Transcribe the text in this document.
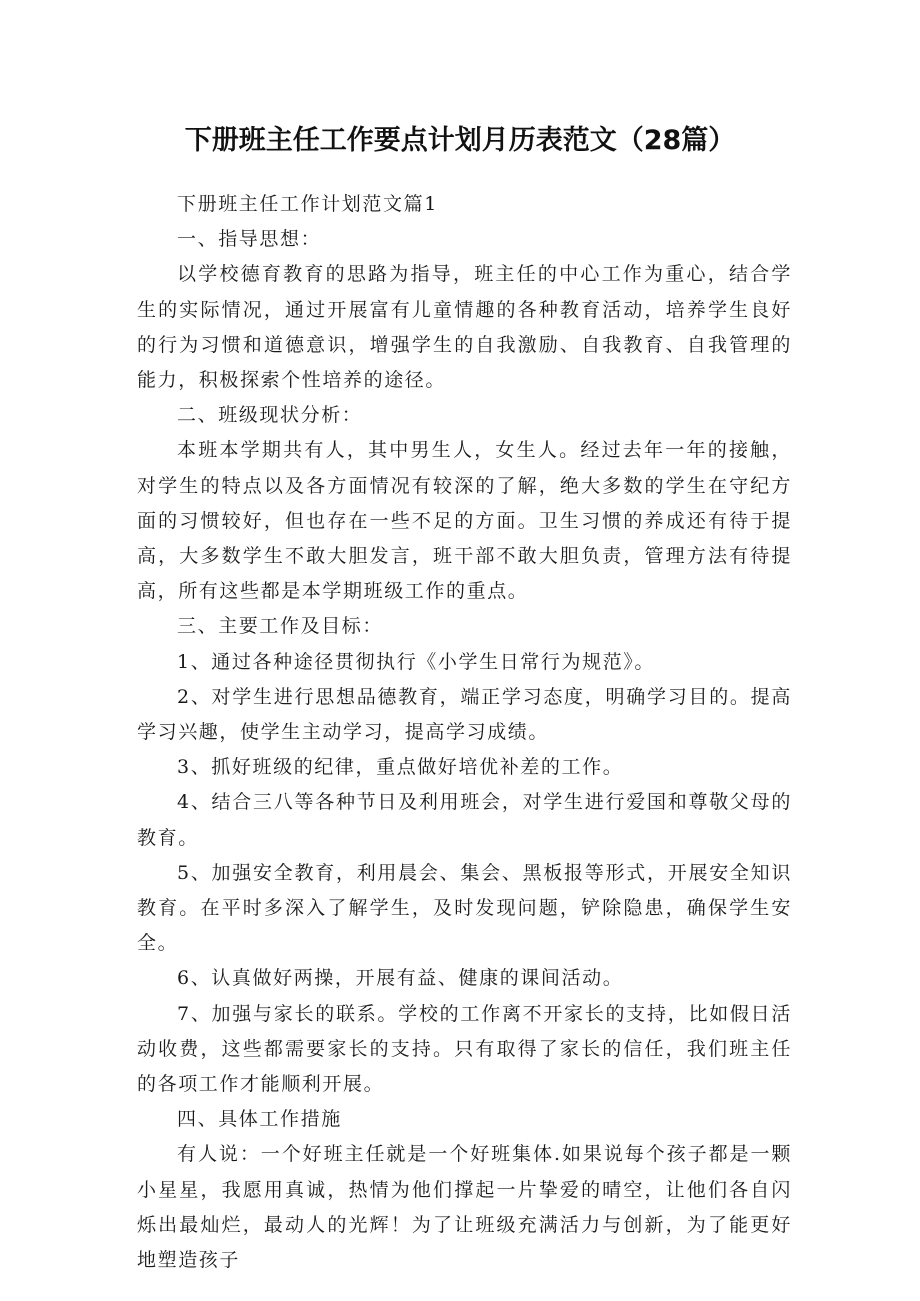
下册班主任工作要点计划月历表范文（28篇）

下册班主任工作计划范文篇1

一、指导思想：

以学校德育教育的思路为指导，班主任的中心工作为重心，结合学生的实际情况，通过开展富有儿童情趣的各种教育活动，培养学生良好的行为习惯和道德意识，增强学生的自我激励、自我教育、自我管理的能力，积极探索个性培养的途径。

二、班级现状分析：

本班本学期共有人，其中男生人，女生人。经过去年一年的接触，对学生的特点以及各方面情况有较深的了解，绝大多数的学生在守纪方面的习惯较好，但也存在一些不足的方面。卫生习惯的养成还有待于提高，大多数学生不敢大胆发言，班干部不敢大胆负责，管理方法有待提高，所有这些都是本学期班级工作的重点。

三、主要工作及目标：

1、通过各种途径贯彻执行《小学生日常行为规范》。

2、对学生进行思想品德教育，端正学习态度，明确学习目的。提高学习兴趣，使学生主动学习，提高学习成绩。

3、抓好班级的纪律，重点做好培优补差的工作。

4、结合三八等各种节日及利用班会，对学生进行爱国和尊敬父母的教育。

5、加强安全教育，利用晨会、集会、黑板报等形式，开展安全知识教育。在平时多深入了解学生，及时发现问题，铲除隐患，确保学生安全。

6、认真做好两操，开展有益、健康的课间活动。

7、加强与家长的联系。学校的工作离不开家长的支持，比如假日活动收费，这些都需要家长的支持。只有取得了家长的信任，我们班主任的各项工作才能顺利开展。

四、具体工作措施

有人说：一个好班主任就是一个好班集体.如果说每个孩子都是一颗小星星，我愿用真诚，热情为他们撑起一片挚爱的晴空，让他们各自闪烁出最灿烂，最动人的光辉！为了让班级充满活力与创新，为了能更好地塑造孩子
